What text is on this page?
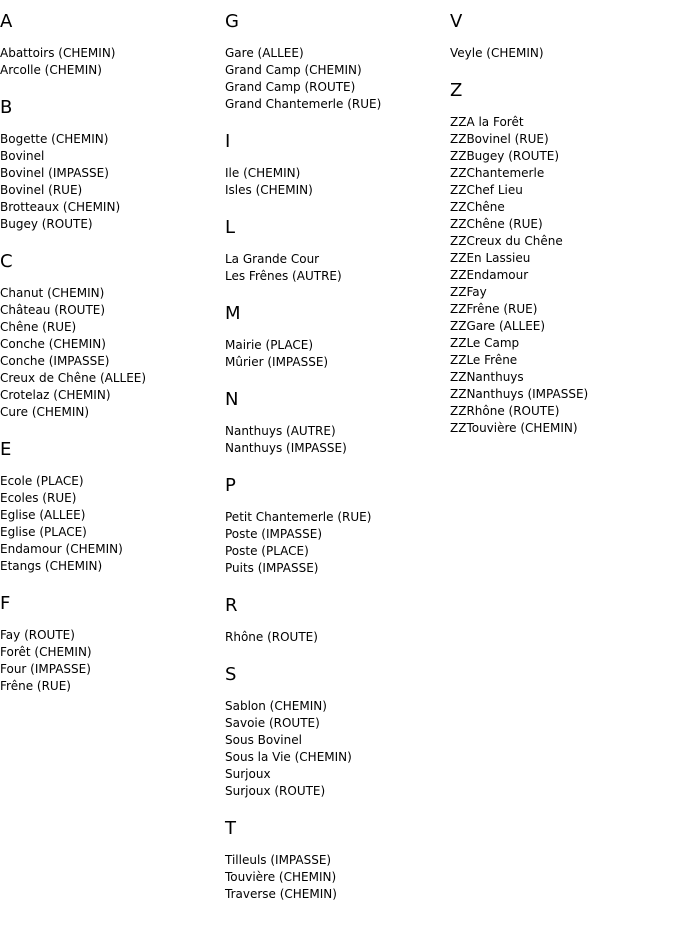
A
Abattoirs (CHEMIN)
Arcolle (CHEMIN)
B
Bogette (CHEMIN)
Bovinel
Bovinel (IMPASSE)
Bovinel (RUE)
Brotteaux (CHEMIN)
Bugey (ROUTE)
C
Chanut (CHEMIN)
Château (ROUTE)
Chêne (RUE)
Conche (CHEMIN)
Conche (IMPASSE)
Creux de Chêne (ALLEE)
Crotelaz (CHEMIN)
Cure (CHEMIN)
E
Ecole (PLACE)
Ecoles (RUE)
Eglise (ALLEE)
Eglise (PLACE)
Endamour (CHEMIN)
Etangs (CHEMIN)
F
Fay (ROUTE)
Forêt (CHEMIN)
Four (IMPASSE)
Frêne (RUE)
G
Gare (ALLEE)
Grand Camp (CHEMIN)
Grand Camp (ROUTE)
Grand Chantemerle (RUE)
I
Ile (CHEMIN)
Isles (CHEMIN)
L
La Grande Cour
Les Frênes (AUTRE)
M
Mairie (PLACE)
Mûrier (IMPASSE)
N
Nanthuys (AUTRE)
Nanthuys (IMPASSE)
P
Petit Chantemerle (RUE)
Poste (IMPASSE)
Poste (PLACE)
Puits (IMPASSE)
R
Rhône (ROUTE)
S
Sablon (CHEMIN)
Savoie (ROUTE)
Sous Bovinel
Sous la Vie (CHEMIN)
Surjoux
Surjoux (ROUTE)
T
Tilleuls (IMPASSE)
Touvière (CHEMIN)
Traverse (CHEMIN)
V
Veyle (CHEMIN)
Z
ZZA la Forêt
ZZBovinel (RUE)
ZZBugey (ROUTE)
ZZChantemerle
ZZChef Lieu
ZZChêne
ZZChêne (RUE)
ZZCreux du Chêne
ZZEn Lassieu
ZZEndamour
ZZFay
ZZFrêne (RUE)
ZZGare (ALLEE)
ZZLe Camp
ZZLe Frêne
ZZNanthuys
ZZNanthuys (IMPASSE)
ZZRhône (ROUTE)
ZZTouvière (CHEMIN)
